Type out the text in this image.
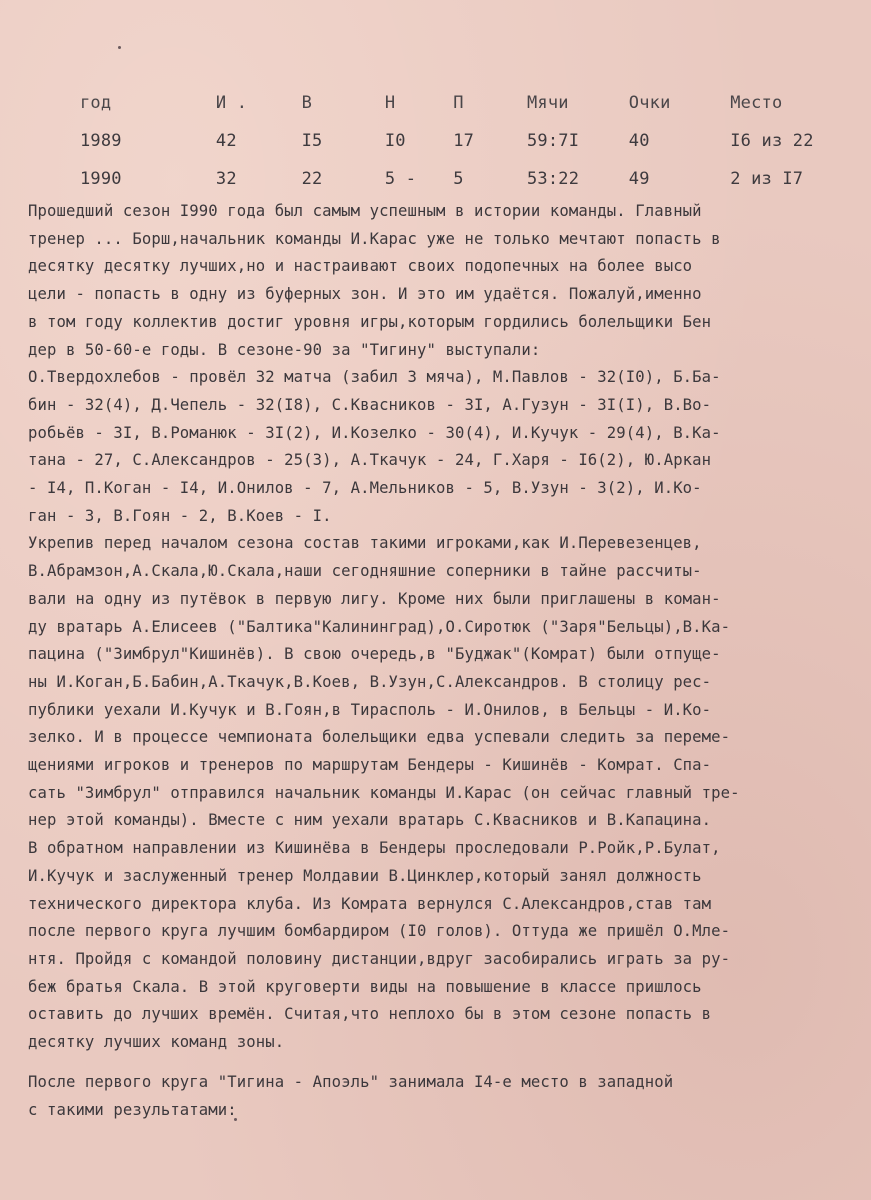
год	И .	В	Н	П	Мячи	Очки	Место
1989	42	I5	I0	17	59:7I	40	I6 из 22
1990	32	22	5 -	5	53:22	49	2 из I7
Прошедший сезон I990 года был самым успешным в истории команды. Главный
тренер ... Борш,начальник команды И.Карас уже не только мечтают попасть в
десятку десятку лучших,но и настраивают своих подопечных на более высо
цели - попасть в одну из буферных зон. И это им удаётся. Пожалуй,именно
в том году коллектив достиг уровня игры,которым гордились болельщики Бен
дер в 50-60-е годы. В сезоне-90 за "Тигину" выступали:
О.Твердохлебов - провёл 32 матча (забил 3 мяча), М.Павлов - 32(I0), Б.Ба-
бин - 32(4), Д.Чепель - 32(I8), С.Квасников - 3I, А.Гузун - 3I(I), В.Во-
робьёв - 3I, В.Романюк - 3I(2), И.Козелко - 30(4), И.Кучук - 29(4), В.Ка-
тана - 27, С.Александров - 25(3), А.Ткачук - 24, Г.Харя - I6(2), Ю.Аркан
- I4, П.Коган - I4, И.Онилов - 7, А.Мельников - 5, В.Узун - 3(2), И.Ко-
ган - 3, В.Гоян - 2, В.Коев - I.
Укрепив перед началом сезона состав такими игроками,как И.Перевезенцев,
В.Абрамзон,А.Скала,Ю.Скала,наши сегодняшние соперники в тайне рассчиты-
вали на одну из путёвок в первую лигу. Кроме них были приглашены в коман-
ду вратарь А.Елисеев ("Балтика"Калининград),О.Сиротюк ("Заря"Бельцы),В.Ка-
пацина ("Зимбрул"Кишинёв). В свою очередь,в "Буджак"(Комрат) были отпуще-
ны И.Коган,Б.Бабин,А.Ткачук,В.Коев, В.Узун,С.Александров. В столицу рес-
публики уехали И.Кучук и В.Гоян,в Тирасполь - И.Онилов, в Бельцы - И.Ко-
зелко. И в процессе чемпионата болельщики едва успевали следить за переме-
щениями игроков и тренеров по маршрутам Бендеры - Кишинёв - Комрат. Спа-
сать "Зимбрул" отправился начальник команды И.Карас (он сейчас главный тре-
нер этой команды). Вместе с ним уехали вратарь С.Квасников и В.Капацина.
В обратном направлении из Кишинёва в Бендеры проследовали Р.Ройк,Р.Булат,
И.Кучук и заслуженный тренер Молдавии В.Цинклер,который занял должность
технического директора клуба. Из Комрата вернулся С.Александров,став там
после первого круга лучшим бомбардиром (I0 голов). Оттуда же пришёл О.Мле-
нтя. Пройдя с командой половину дистанции,вдруг засобирались играть за ру-
беж братья Скала. В этой круговерти виды на повышение в классе пришлось
оставить до лучших времён. Считая,что неплохо бы в этом сезоне попасть в
десятку лучших команд зоны.
После первого круга "Тигина - Апоэль" занимала I4-е место в западной
с такими результатами:
